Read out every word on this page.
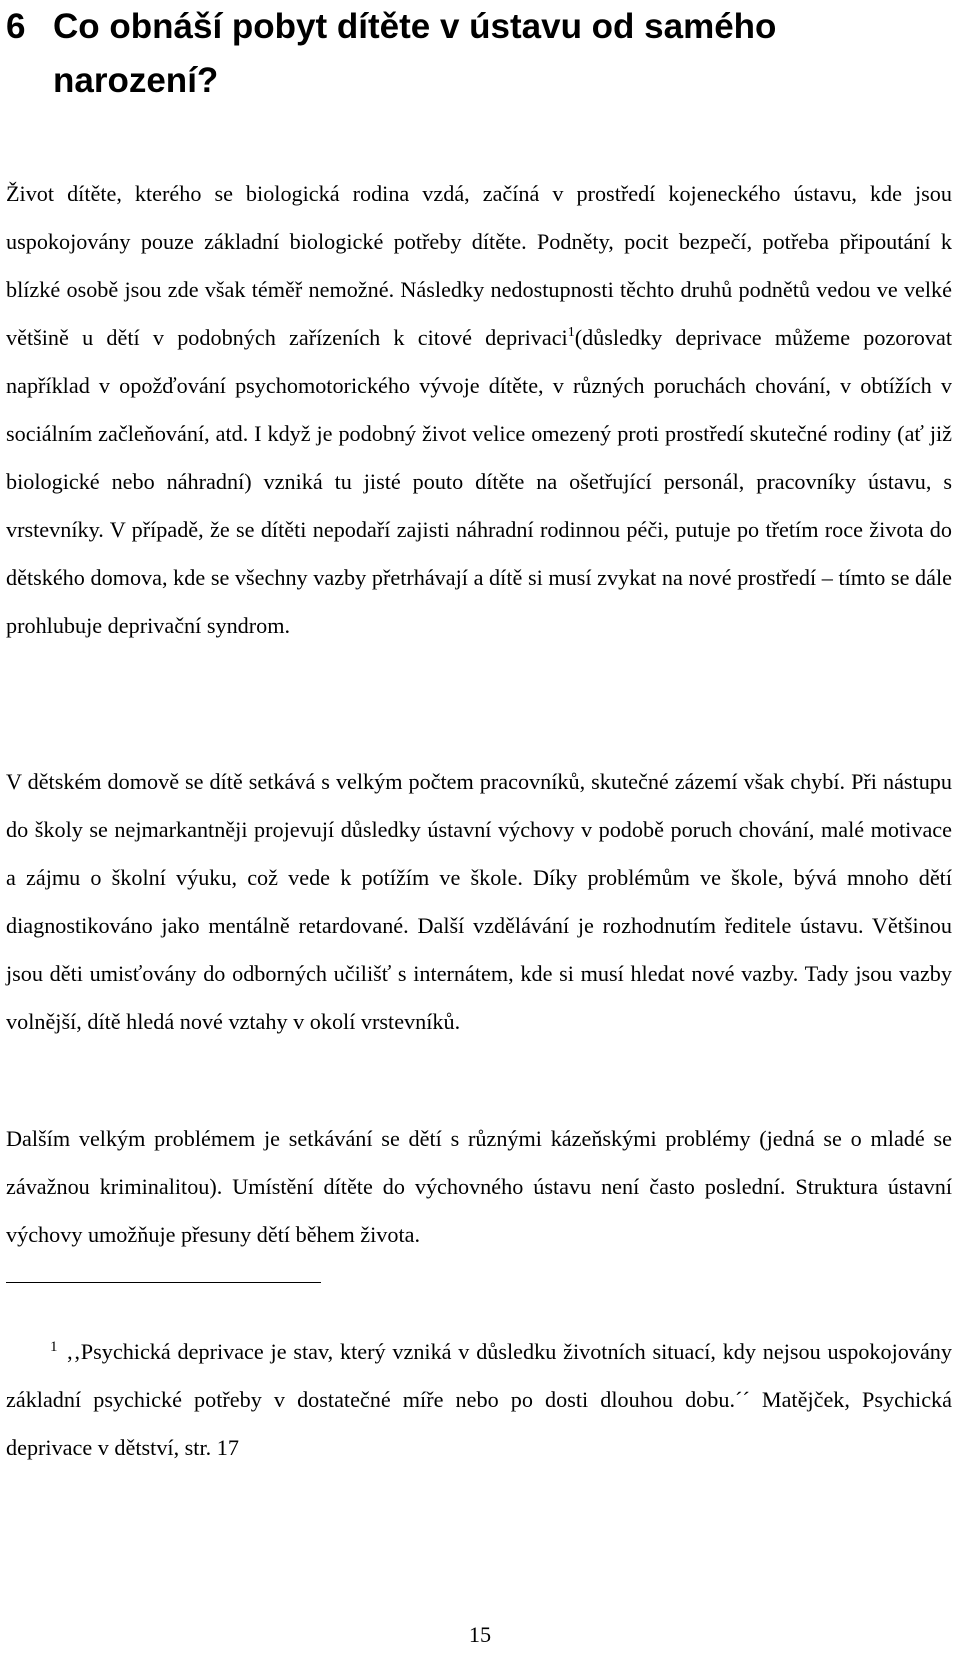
6 Co obnáší pobyt dítěte v ústavu od samého
narození?

Život dítěte, kterého se biologická rodina vzdá, začíná v prostředí kojeneckého ústavu, kde jsou uspokojovány pouze základní biologické potřeby dítěte. Podněty, pocit bezpečí, potřeba připoutání k blízké osobě jsou zde však téměř nemožné. Následky nedostupnosti těchto druhů podnětů vedou ve velké většině u dětí v podobných zařízeních k citové deprivaci$^1$(důsledky deprivace můžeme pozorovat například v opožďování psychomotorického vývoje dítěte, v různých poruchách chování, v obtížích v sociálním začleňování, atd. I když je podobný život velice omezený proti prostředí skutečné rodiny (ať již biologické nebo náhradní) vzniká tu jisté pouto dítěte na ošetřující personál, pracovníky ústavu, s vrstevníky. V případě, že se dítěti nepodaří zajisti náhradní rodinnou péči, putuje po třetím roce života do dětského domova, kde se všechny vazby přetrhávají a dítě si musí zvykat na nové prostředí – tímto se dále prohlubuje deprivační syndrom.

V dětském domově se dítě setkává s velkým počtem pracovníků, skutečné zázemí však chybí. Při nástupu do školy se nejmarkantněji projevují důsledky ústavní výchovy v podobě poruch chování, malé motivace a zájmu o školní výuku, což vede k potížím ve škole. Díky problémům ve škole, bývá mnoho dětí diagnostikováno jako mentálně retardované. Další vzdělávání je rozhodnutím ředitele ústavu. Většinou jsou děti umisťovány do odborných učilišť s internátem, kde si musí hledat nové vazby. Tady jsou vazby volnější, dítě hledá nové vztahy v okolí vrstevníků.

Dalším velkým problémem je setkávání se dětí s různými kázeňskými problémy (jedná se o mladé se závažnou kriminalitou). Umístění dítěte do výchovného ústavu není často poslední. Struktura ústavní výchovy umožňuje přesuny dětí během života.

1 ‚‚Psychická deprivace je stav, který vzniká v důsledku životních situací, kdy nejsou uspokojovány základní psychické potřeby v dostatečné míře nebo po dosti dlouhou dobu.´´ Matějček, Psychická deprivace v dětství, str. 17

15
